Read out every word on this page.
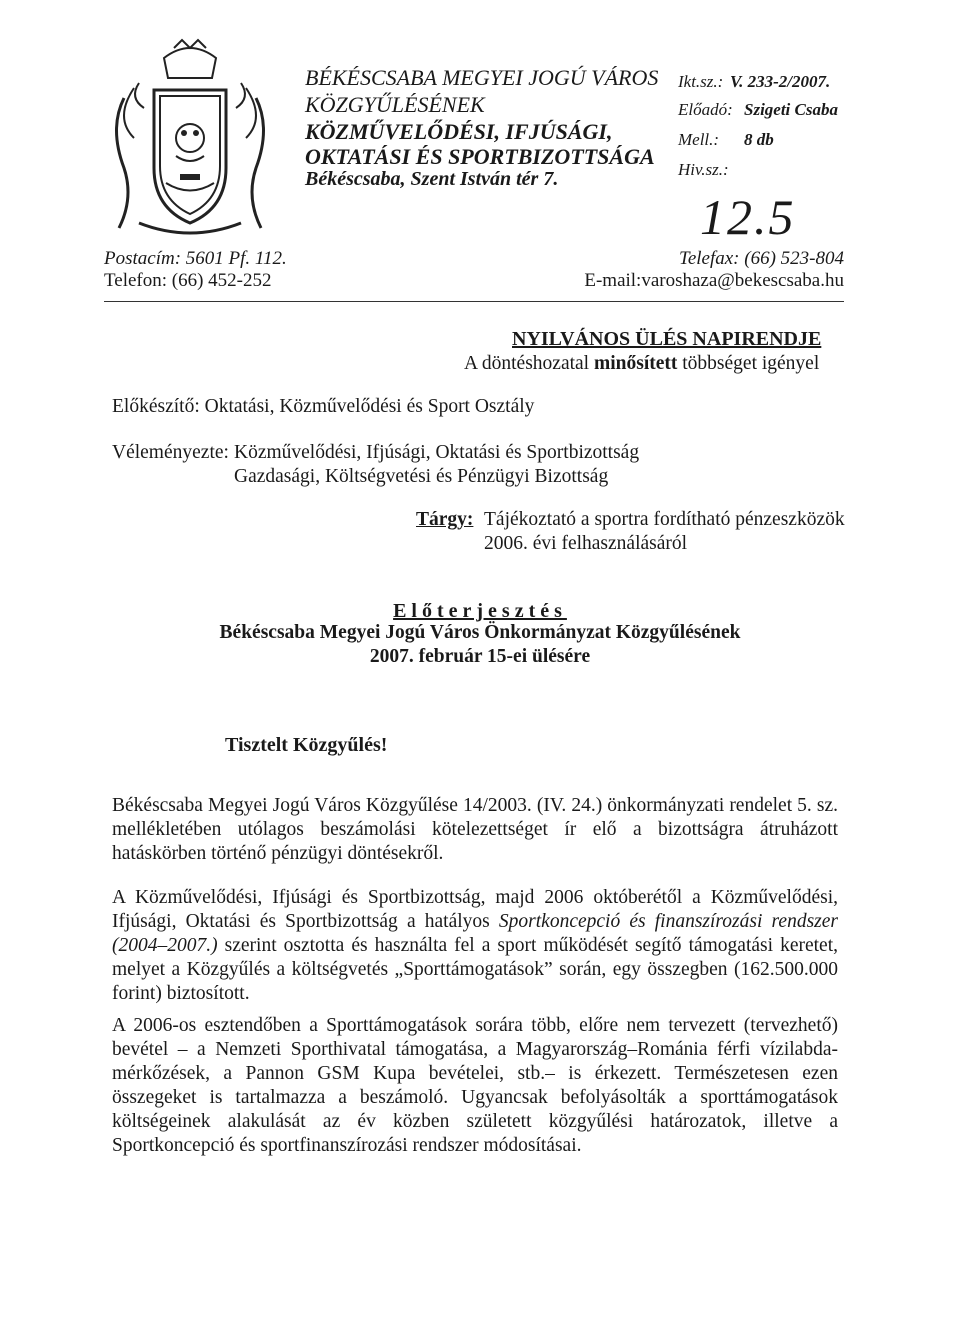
BÉKÉSCSABA MEGYEI JOGÚ VÁROS
KÖZGYŰLÉSÉNEK
KÖZMŰVELŐDÉSI, IFJÚSÁGI,
OKTATÁSI ÉS SPORTBIZOTTSÁGA
Békéscsaba, Szent István tér 7.
Ikt.sz.: V. 233-2/2007.
Előadó: Szigeti Csaba
Mell.: 8 db
Hiv.sz.:
12.5
Postacím: 5601 Pf. 112.
Telefon: (66) 452-252
Telefax: (66) 523-804
E-mail:varoshaza@bekescsaba.hu
NYILVÁNOS ÜLÉS NAPIRENDJE
A döntéshozatal minősített többséget igényel
Előkészítő: Oktatási, Közművelődési és Sport Osztály
Véleményezte: Közművelődési, Ifjúsági, Oktatási és Sportbizottság
Gazdasági, Költségvetési és Pénzügyi Bizottság
Tárgy: Tájékoztató a sportra fordítható pénzeszközök
2006. évi felhasználásáról
Előterjesztés
Békéscsaba Megyei Jogú Város Önkormányzat Közgyűlésének
2007. február 15-ei ülésére
Tisztelt Közgyűlés!
Békéscsaba Megyei Jogú Város Közgyűlése 14/2003. (IV. 24.) önkormányzati rendelet 5. sz. mellékletében utólagos beszámolási kötelezettséget ír elő a bizottságra átruházott hatáskörben történő pénzügyi döntésekről.
A Közművelődési, Ifjúsági és Sportbizottság, majd 2006 októberétől a Közművelődési, Ifjúsági, Oktatási és Sportbizottság a hatályos Sportkoncepció és finanszírozási rendszer (2004–2007.) szerint osztotta és használta fel a sport működését segítő támogatási keretet, melyet a Közgyűlés a költségvetés „Sporttámogatások” során, egy összegben (162.500.000 forint) biztosított.
A 2006-os esztendőben a Sporttámogatások sorára több, előre nem tervezett (tervezhető) bevétel – a Nemzeti Sporthivatal támogatása, a Magyarország–Románia férfi vízilabda-mérkőzések, a Pannon GSM Kupa bevételei, stb.– is érkezett. Természetesen ezen összegeket is tartalmazza a beszámoló. Ugyancsak befolyásolták a sporttámogatások költségeinek alakulását az év közben született közgyűlési határozatok, illetve a Sportkoncepció és sportfinanszírozási rendszer módosításai.
